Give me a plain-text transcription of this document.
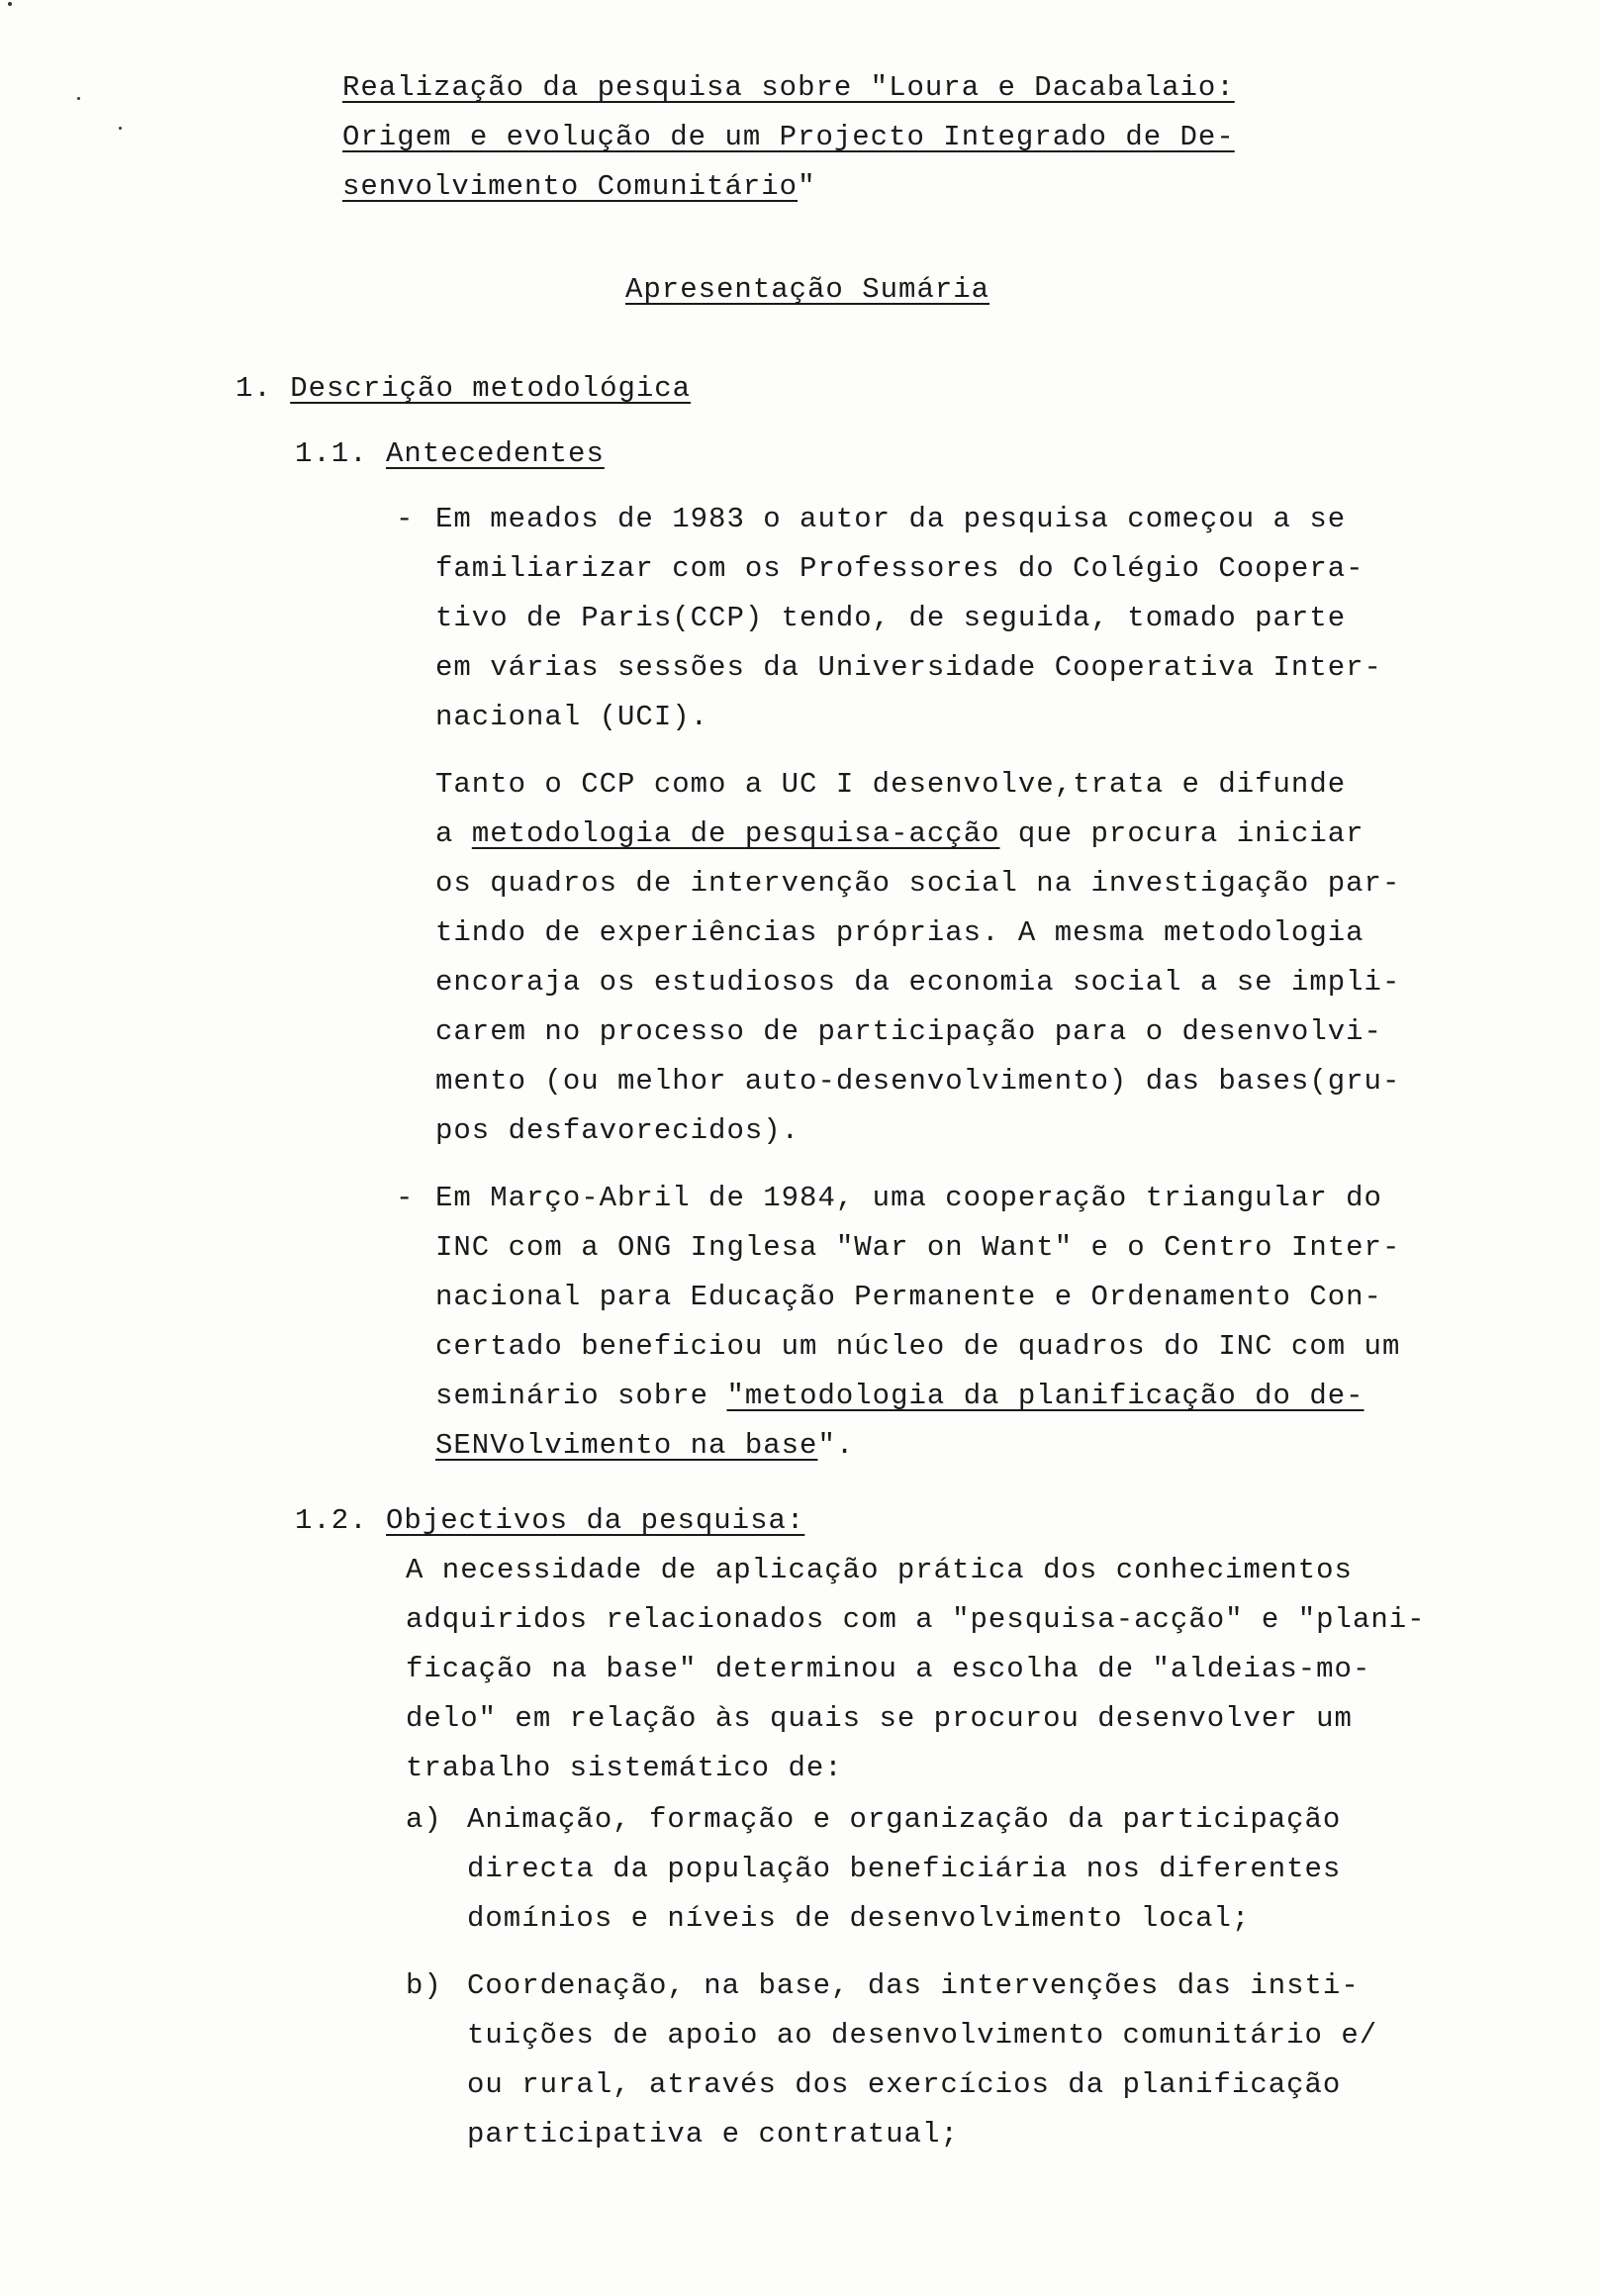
Realização da pesquisa sobre "Loura e Dacabalaio:
Origem e evolução de um Projecto Integrado de De-
senvolvimento Comunitário"
Apresentação Sumária
1. Descrição metodológica
1.1. Antecedentes
- Em meados de 1983 o autor da pesquisa começou a se
familiarizar com os Professores do Colégio Coopera-
tivo de Paris(CCP) tendo, de seguida, tomado parte
em várias sessões da Universidade Cooperativa Inter-
nacional (UCI).
Tanto o CCP como a UC I desenvolve,trata e difunde
a metodologia de pesquisa-acção que procura iniciar
os quadros de intervenção social na investigação par-
tindo de experiências próprias. A mesma metodologia
encoraja os estudiosos da economia social a se impli-
carem no processo de participação para o desenvolvi-
mento (ou melhor auto-desenvolvimento) das bases(gru-
pos desfavorecidos).
- Em Março-Abril de 1984, uma cooperação triangular do
INC com a ONG Inglesa "War on Want" e o Centro Inter-
nacional para Educação Permanente e Ordenamento Con-
certado beneficiou um núcleo de quadros do INC com um
seminário sobre "metodologia da planificação do de-
SENVolvimento na base".
1.2. Objectivos da pesquisa:
A necessidade de aplicação prática dos conhecimentos
adquiridos relacionados com a "pesquisa-acção" e "plani-
ficação na base" determinou a escolha de "aldeias-mo-
delo" em relação às quais se procurou desenvolver um
trabalho sistemático de:
a) Animação, formação e organização da participação
directa da população beneficiária nos diferentes
domínios e níveis de desenvolvimento local;
b) Coordenação, na base, das intervenções das insti-
tuições de apoio ao desenvolvimento comunitário e/
ou rural, através dos exercícios da planificação
participativa e contratual;
